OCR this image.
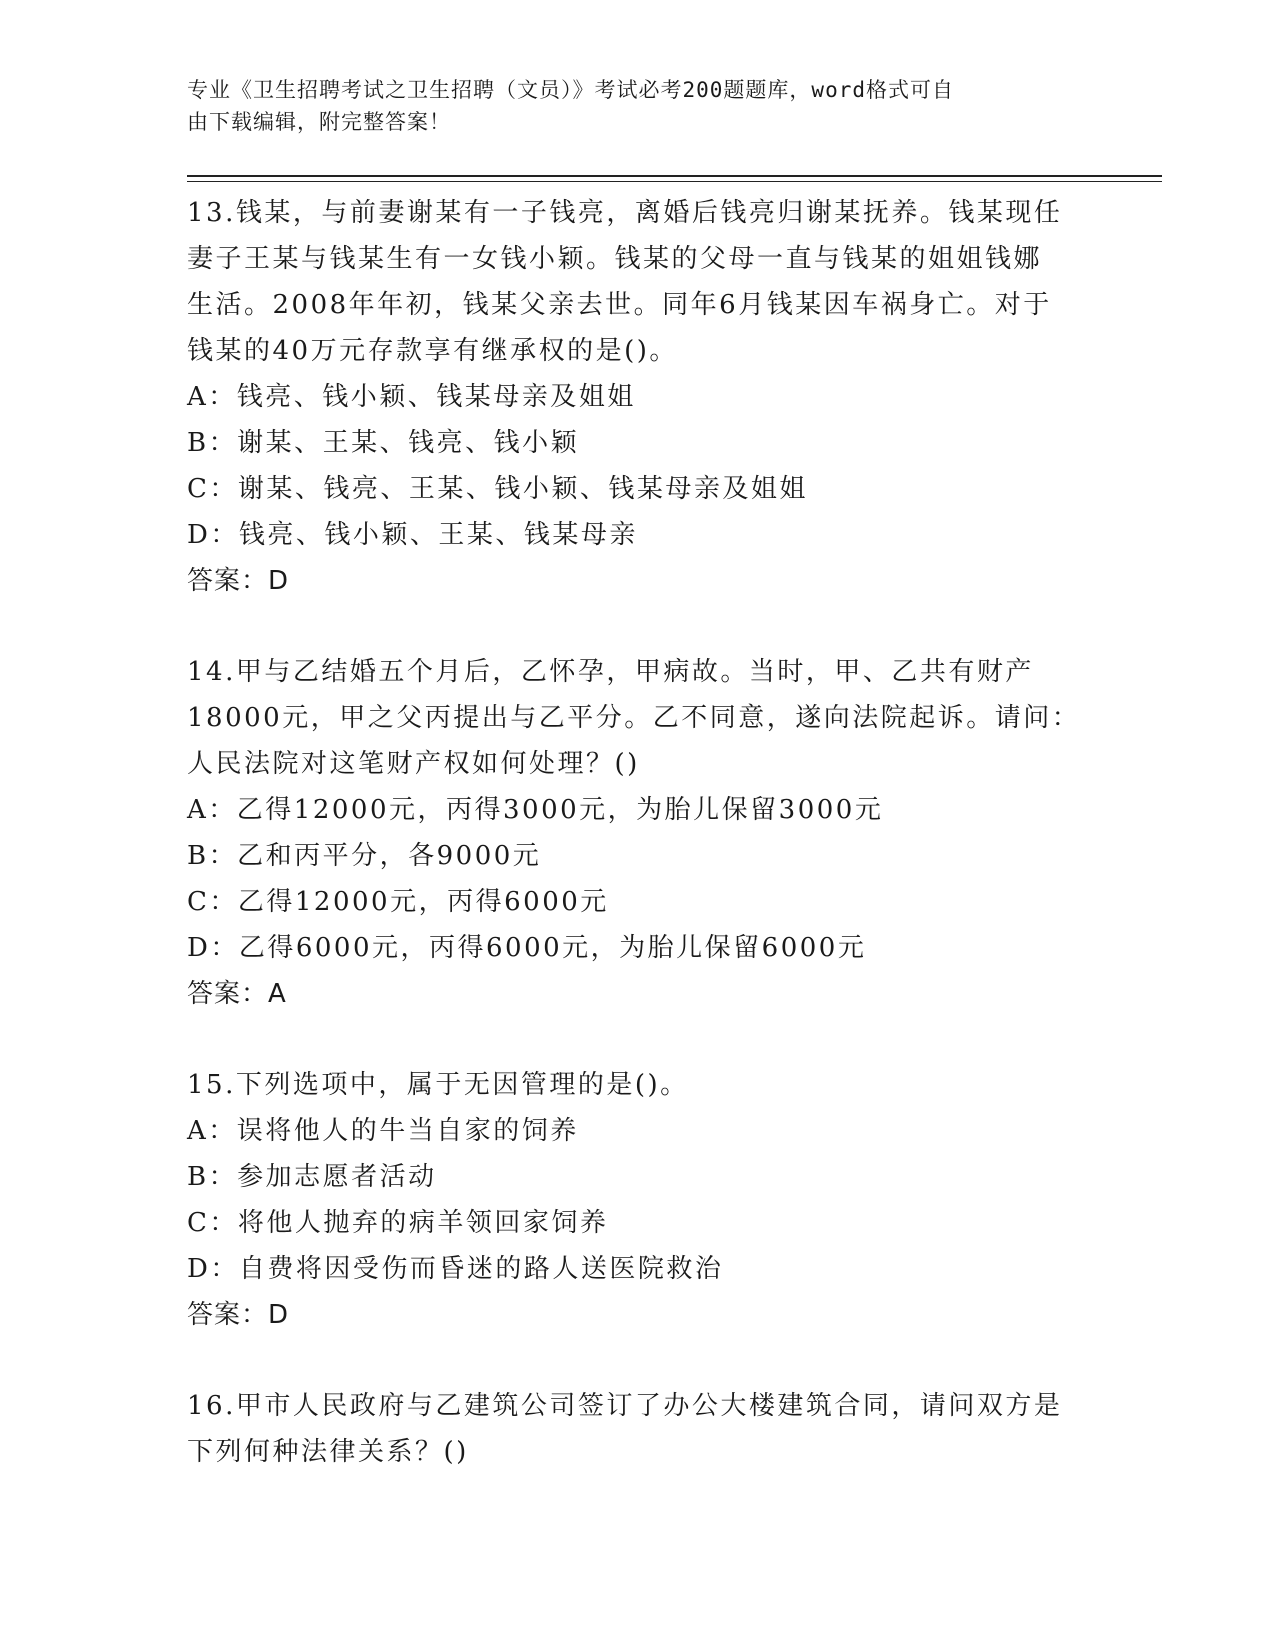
专业《卫生招聘考试之卫生招聘（文员）》考试必考200题题库，word格式可自
由下载编辑，附完整答案！
13.钱某，与前妻谢某有一子钱亮，离婚后钱亮归谢某抚养。钱某现任
妻子王某与钱某生有一女钱小颖。钱某的父母一直与钱某的姐姐钱娜
生活。2008年年初，钱某父亲去世。同年6月钱某因车祸身亡。对于
钱某的40万元存款享有继承权的是()。
A：钱亮、钱小颖、钱某母亲及姐姐
B：谢某、王某、钱亮、钱小颖
C：谢某、钱亮、王某、钱小颖、钱某母亲及姐姐
D：钱亮、钱小颖、王某、钱某母亲
答案：D
14.甲与乙结婚五个月后，乙怀孕，甲病故。当时，甲、乙共有财产
18000元，甲之父丙提出与乙平分。乙不同意，遂向法院起诉。请问：
人民法院对这笔财产权如何处理？()
A：乙得12000元，丙得3000元，为胎儿保留3000元
B：乙和丙平分，各9000元
C：乙得12000元，丙得6000元
D：乙得6000元，丙得6000元，为胎儿保留6000元
答案：A
15.下列选项中，属于无因管理的是()。
A：误将他人的牛当自家的饲养
B：参加志愿者活动
C：将他人抛弃的病羊领回家饲养
D：自费将因受伤而昏迷的路人送医院救治
答案：D
16.甲市人民政府与乙建筑公司签订了办公大楼建筑合同，请问双方是
下列何种法律关系？()
